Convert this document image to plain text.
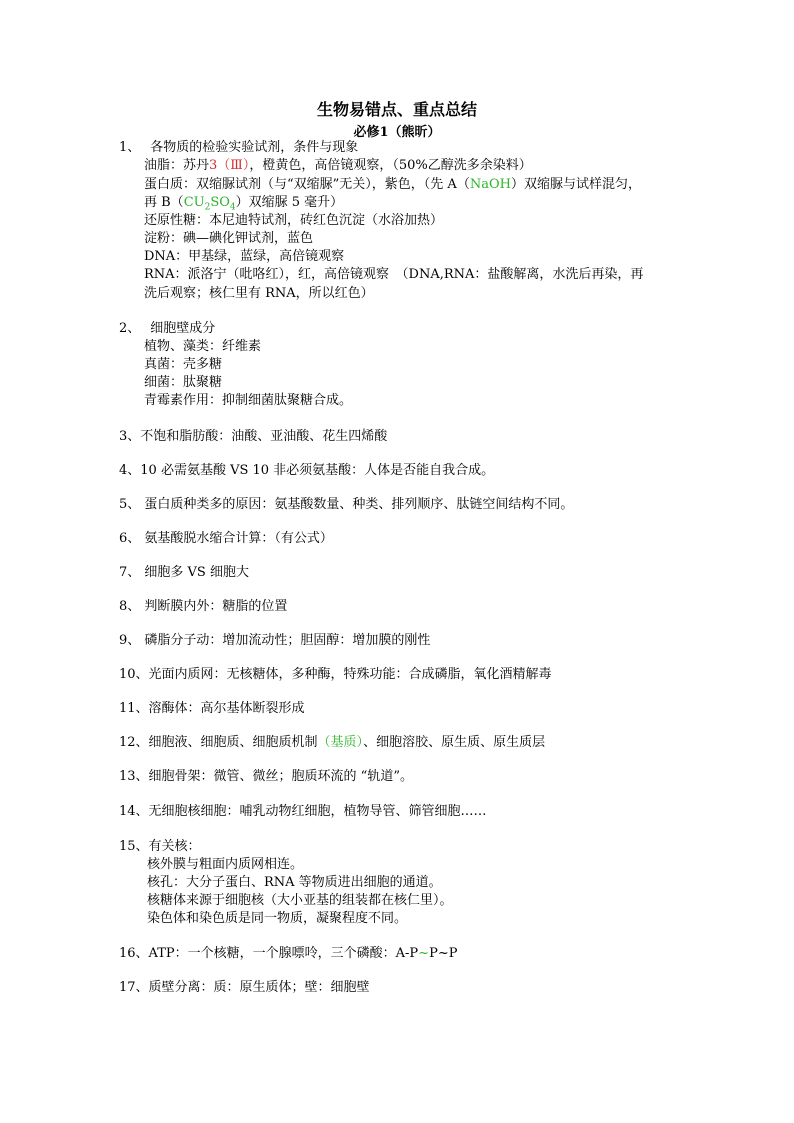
生物易错点、重点总结
必修1（熊昕）
1、 各物质的检验实验试剂，条件与现象
油脂：苏丹3（Ⅲ），橙黄色，高倍镜观察，（50%乙醇洗多余染料）
蛋白质：双缩脲试剂（与“双缩脲”无关），紫色，（先 A（NaOH）双缩脲与试样混匀，
再 $B(CU_2SO_4)$双缩脲 5 毫升）
还原性糖：本尼迪特试剂，砖红色沉淀（水浴加热）
淀粉：碘—碘化钾试剂，蓝色
DNA：甲基绿，蓝绿，高倍镜观察
RNA：派洛宁（吡咯红），红，高倍镜观察　（DNA,RNA：盐酸解离，水洗后再染，再
洗后观察；核仁里有 RNA，所以红色）
2、 细胞壁成分
植物、藻类：纤维素
真菌：壳多糖
细菌：肽聚糖
青霉素作用：抑制细菌肽聚糖合成。
3、不饱和脂肪酸：油酸、亚油酸、花生四烯酸
4、10 必需氨基酸 VS 10 非必须氨基酸：人体是否能自我合成。
5、 蛋白质种类多的原因：氨基酸数量、种类、排列顺序、肽链空间结构不同。
6、 氨基酸脱水缩合计算：（有公式）
7、 细胞多 VS 细胞大
8、 判断膜内外：糖脂的位置
9、 磷脂分子动：增加流动性；胆固醇：增加膜的刚性
10、光面内质网：无核糖体，多种酶，特殊功能：合成磷脂，氧化酒精解毒
11、溶酶体：高尔基体断裂形成
12、细胞液、细胞质、细胞质机制（基质）、细胞溶胶、原生质、原生质层
13、细胞骨架：微管、微丝；胞质环流的 “轨道”。
14、无细胞核细胞：哺乳动物红细胞，植物导管、筛管细胞……
15、有关核：
核外膜与粗面内质网相连。
核孔：大分子蛋白、RNA 等物质进出细胞的通道。
核糖体来源于细胞核（大小亚基的组装都在核仁里）。
染色体和染色质是同一物质，凝聚程度不同。
16、ATP：一个核糖，一个腺嘌呤，三个磷酸：A-P~P~P
17、质壁分离：质：原生质体；壁：细胞壁
